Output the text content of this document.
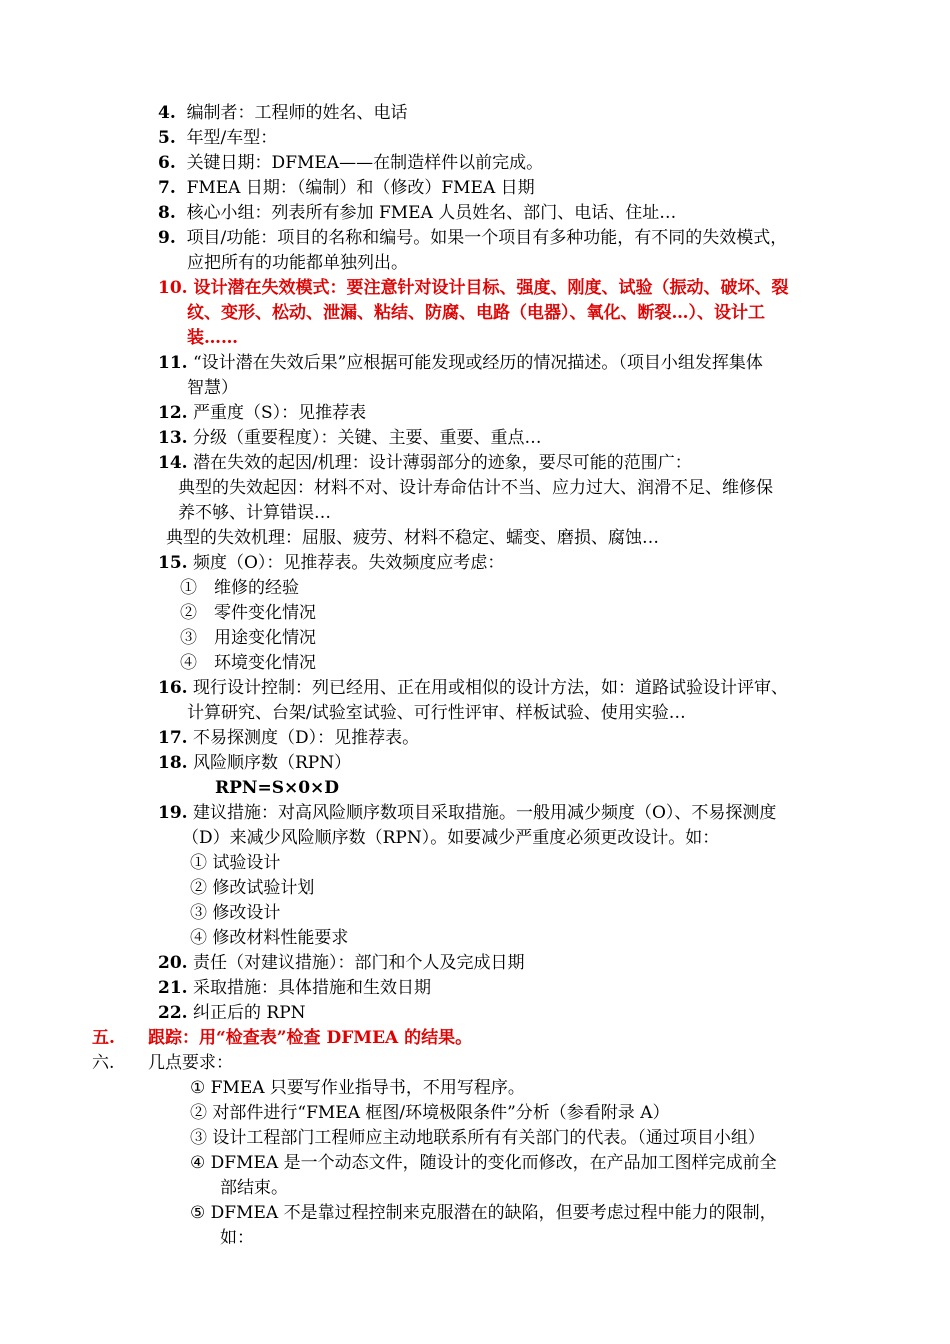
4. 编制者：工程师的姓名、电话
5. 年型/车型：
6. 关键日期：DFMEA——在制造样件以前完成。
7. FMEA 日期：（编制）和（修改）FMEA 日期
8. 核心小组：列表所有参加 FMEA 人员姓名、部门、电话、住址…
9. 项目/功能：项目的名称和编号。如果一个项目有多种功能，有不同的失效模式，
应把所有的功能都单独列出。
10. 设计潜在失效模式：要注意针对设计目标、强度、刚度、试验（振动、破坏、裂
纹、变形、松动、泄漏、粘结、防腐、电路（电器）、氧化、断裂…）、设计工
装……
11. “设计潜在失效后果”应根据可能发现或经历的情况描述。（项目小组发挥集体
智慧）
12. 严重度（S）：见推荐表
13. 分级（重要程度）：关键、主要、重要、重点…
14. 潜在失效的起因/机理：设计薄弱部分的迹象，要尽可能的范围广：
典型的失效起因：材料不对、设计寿命估计不当、应力过大、润滑不足、维修保
养不够、计算错误…
典型的失效机理：屈服、疲劳、材料不稳定、蠕变、磨损、腐蚀…
15. 频度（O）：见推荐表。失效频度应考虑：
①　维修的经验
②　零件变化情况
③　用途变化情况
④　环境变化情况
16. 现行设计控制：列已经用、正在用或相似的设计方法，如：道路试验设计评审、
计算研究、台架/试验室试验、可行性评审、样板试验、使用实验…
17. 不易探测度（D）：见推荐表。
18. 风险顺序数（RPN）
RPN=S×0×D
19. 建议措施：对高风险顺序数项目采取措施。一般用减少频度（O）、不易探测度
（D）来减少风险顺序数（RPN）。如要减少严重度必须更改设计。如：
① 试验设计
② 修改试验计划
③ 修改设计
④ 修改材料性能要求
20. 责任（对建议措施）：部门和个人及完成日期
21. 采取措施：具体措施和生效日期
22. 纠正后的 RPN
五. 跟踪：用“检查表”检查 DFMEA 的结果。
六. 几点要求：
① FMEA 只要写作业指导书，不用写程序。
② 对部件进行“FMEA 框图/环境极限条件”分析（参看附录 A）
③ 设计工程部门工程师应主动地联系所有有关部门的代表。（通过项目小组）
④ DFMEA 是一个动态文件，随设计的变化而修改，在产品加工图样完成前全
部结束。
⑤ DFMEA 不是靠过程控制来克服潜在的缺陷，但要考虑过程中能力的限制，
如：
